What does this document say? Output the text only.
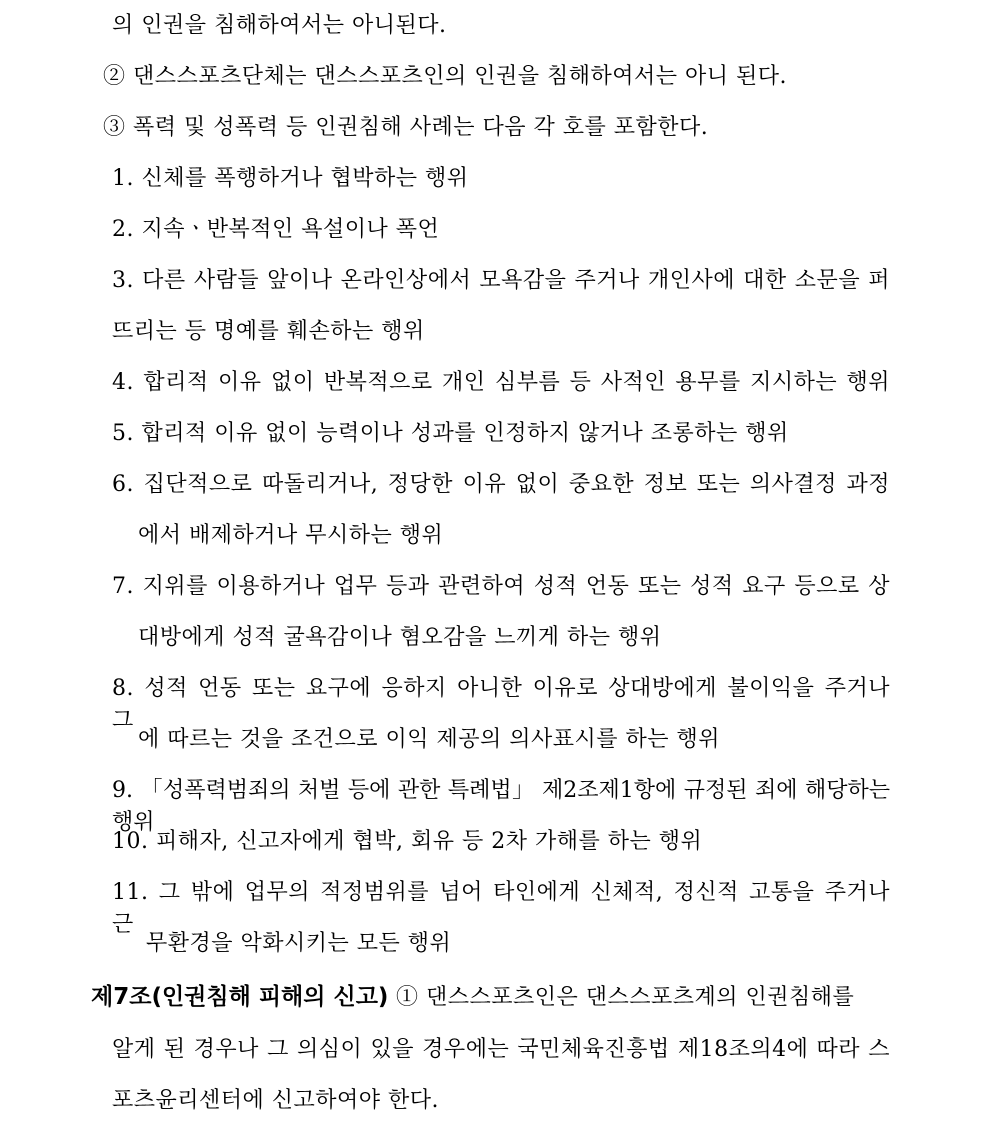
의 인권을 침해하여서는 아니된다.
② 댄스스포츠단체는 댄스스포츠인의 인권을 침해하여서는 아니 된다.
③ 폭력 및 성폭력 등 인권침해 사례는 다음 각 호를 포함한다.
1. 신체를 폭행하거나 협박하는 행위
2. 지속ㆍ반복적인 욕설이나 폭언
3. 다른 사람들 앞이나 온라인상에서 모욕감을 주거나 개인사에 대한 소문을 퍼
뜨리는 등 명예를 훼손하는 행위
4. 합리적 이유 없이 반복적으로 개인 심부름 등 사적인 용무를 지시하는 행위
5. 합리적 이유 없이 능력이나 성과를 인정하지 않거나 조롱하는 행위
6. 집단적으로 따돌리거나, 정당한 이유 없이 중요한 정보 또는 의사결정 과정
에서 배제하거나 무시하는 행위
7. 지위를 이용하거나 업무 등과 관련하여 성적 언동 또는 성적 요구 등으로 상
대방에게 성적 굴욕감이나 혐오감을 느끼게 하는 행위
8. 성적 언동 또는 요구에 응하지 아니한 이유로 상대방에게 불이익을 주거나 그
에 따르는 것을 조건으로 이익 제공의 의사표시를 하는 행위
9. 「성폭력범죄의 처벌 등에 관한 특례법」 제2조제1항에 규정된 죄에 해당하는 행위
10. 피해자, 신고자에게 협박, 회유 등 2차 가해를 하는 행위
11. 그 밖에 업무의 적정범위를 넘어 타인에게 신체적, 정신적 고통을 주거나 근
무환경을 악화시키는 모든 행위
제7조(인권침해 피해의 신고) ① 댄스스포츠인은 댄스스포츠계의 인권침해를
알게 된 경우나 그 의심이 있을 경우에는 국민체육진흥법 제18조의4에 따라 스
포츠윤리센터에 신고하여야 한다.
